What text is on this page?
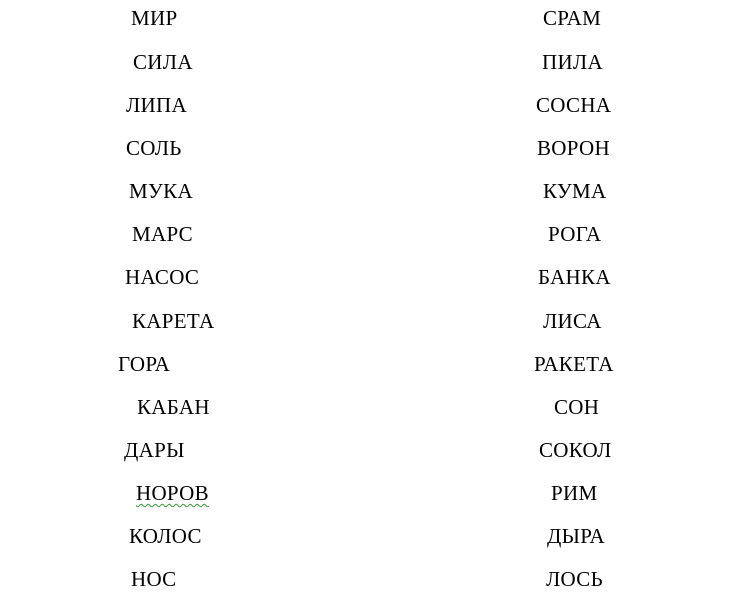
МИР
СИЛА
ЛИПА
СОЛЬ
МУКА
МАРС
НАСОС
КАРЕТА
ГОРА
КАБАН
ДАРЫ
НОРОВ
КОЛОС
НОС
СРАМ
ПИЛА
СОСНА
ВОРОН
КУМА
РОГА
БАНКА
ЛИСА
РАКЕТА
СОН
СОКОЛ
РИМ
ДЫРА
ЛОСЬ
